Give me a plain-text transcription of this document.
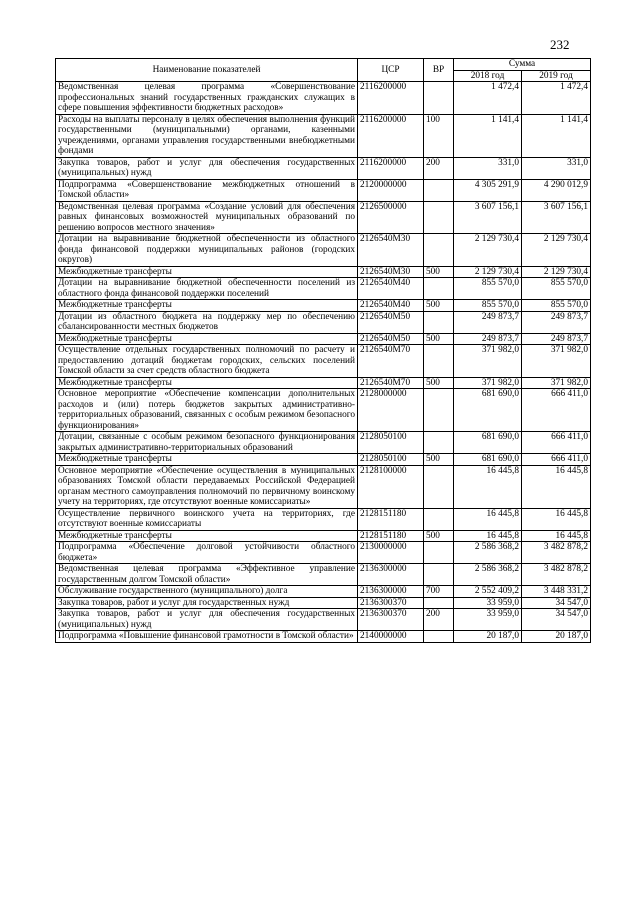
232
Наименование показателей	ЦСР	ВР	Сумма	
			2018 год	2019 год
Ведомственная целевая программа «Совершенствование профессиональных знаний государственных гражданских служащих в сфере повышения эффективности бюджетных расходов»	2116200000		1 472,4	1 472,4
Расходы на выплаты персоналу в целях обеспечения выполнения функций государственными (муниципальными) органами, казенными учреждениями, органами управления государственными внебюджетными фондами	2116200000	100	1 141,4	1 141,4
Закупка товаров, работ и услуг для обеспечения государственных (муниципальных) нужд	2116200000	200	331,0	331,0
Подпрограмма «Совершенствование межбюджетных отношений в Томской области»	2120000000		4 305 291,9	4 290 012,9
Ведомственная целевая программа «Создание условий для обеспечения равных финансовых возможностей муниципальных образований по решению вопросов местного значения»	2126500000		3 607 156,1	3 607 156,1
Дотации на выравнивание бюджетной обеспеченности из областного фонда финансовой поддержки муниципальных районов (городских округов)	2126540М30		2 129 730,4	2 129 730,4
Межбюджетные трансферты	2126540М30	500	2 129 730,4	2 129 730,4
Дотации на выравнивание бюджетной обеспеченности поселений из областного фонда финансовой поддержки поселений	2126540М40		855 570,0	855 570,0
Межбюджетные трансферты	2126540М40	500	855 570,0	855 570,0
Дотации из областного бюджета на поддержку мер по обеспечению сбалансированности местных бюджетов	2126540М50		249 873,7	249 873,7
Межбюджетные трансферты	2126540М50	500	249 873,7	249 873,7
Осуществление отдельных государственных полномочий по расчету и предоставлению дотаций бюджетам городских, сельских поселений Томской области за счет средств областного бюджета	2126540М70		371 982,0	371 982,0
Межбюджетные трансферты	2126540М70	500	371 982,0	371 982,0
Основное мероприятие «Обеспечение компенсации дополнительных расходов и (или) потерь бюджетов закрытых административно-территориальных образований, связанных с особым режимом безопасного функционирования»	2128000000		681 690,0	666 411,0
Дотации, связанные с особым режимом безопасного функционирования закрытых административно-территориальных образований	2128050100		681 690,0	666 411,0
Межбюджетные трансферты	2128050100	500	681 690,0	666 411,0
Основное мероприятие «Обеспечение осуществления в муниципальных образованиях Томской области передаваемых Российской Федерацией органам местного самоуправления полномочий по первичному воинскому учету на территориях, где отсутствуют военные комиссариаты»	2128100000		16 445,8	16 445,8
Осуществление первичного воинского учета на территориях, где отсутствуют военные комиссариаты	2128151180		16 445,8	16 445,8
Межбюджетные трансферты	2128151180	500	16 445,8	16 445,8
Подпрограмма «Обеспечение долговой устойчивости областного бюджета»	2130000000		2 586 368,2	3 482 878,2
Ведомственная целевая программа «Эффективное управление государственным долгом Томской области»	2136300000		2 586 368,2	3 482 878,2
Обслуживание государственного (муниципального) долга	2136300000	700	2 552 409,2	3 448 331,2
Закупка товаров, работ и услуг для государственных нужд	2136300370		33 959,0	34 547,0
Закупка товаров, работ и услуг для обеспечения государственных (муниципальных) нужд	2136300370	200	33 959,0	34 547,0
Подпрограмма «Повышение финансовой грамотности в Томской области»	2140000000		20 187,0	20 187,0
